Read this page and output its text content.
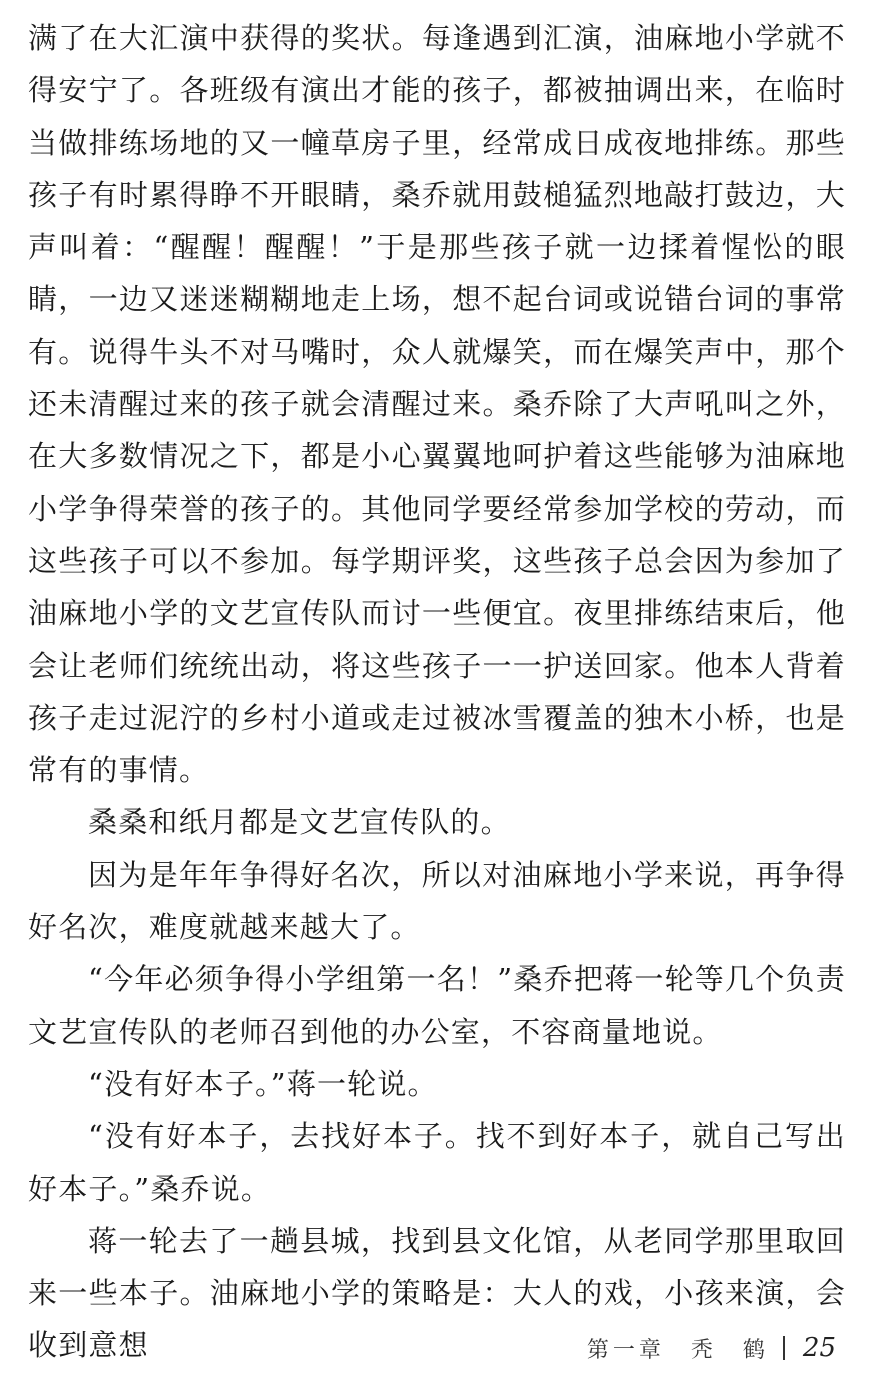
满了在大汇演中获得的奖状。每逢遇到汇演，油麻地小学就不得安宁了。各班级有演出才能的孩子，都被抽调出来，在临时当做排练场地的又一幢草房子里，经常成日成夜地排练。那些孩子有时累得睁不开眼睛，桑乔就用鼓槌猛烈地敲打鼓边，大声叫着：“醒醒！醒醒！”于是那些孩子就一边揉着惺忪的眼睛，一边又迷迷糊糊地走上场，想不起台词或说错台词的事常有。说得牛头不对马嘴时，众人就爆笑，而在爆笑声中，那个还未清醒过来的孩子就会清醒过来。桑乔除了大声吼叫之外，在大多数情况之下，都是小心翼翼地呵护着这些能够为油麻地小学争得荣誉的孩子的。其他同学要经常参加学校的劳动，而这些孩子可以不参加。每学期评奖，这些孩子总会因为参加了油麻地小学的文艺宣传队而讨一些便宜。夜里排练结束后，他会让老师们统统出动，将这些孩子一一护送回家。他本人背着孩子走过泥泞的乡村小道或走过被冰雪覆盖的独木小桥，也是常有的事情。

桑桑和纸月都是文艺宣传队的。

因为是年年争得好名次，所以对油麻地小学来说，再争得好名次，难度就越来越大了。

“今年必须争得小学组第一名！”桑乔把蒋一轮等几个负责文艺宣传队的老师召到他的办公室，不容商量地说。

“没有好本子。”蒋一轮说。

“没有好本子，去找好本子。找不到好本子，就自己写出好本子。”桑乔说。

蒋一轮去了一趟县城，找到县文化馆，从老同学那里取回来一些本子。油麻地小学的策略是：大人的戏，小孩来演，会收到意想	第一章　秃　鹤 25
